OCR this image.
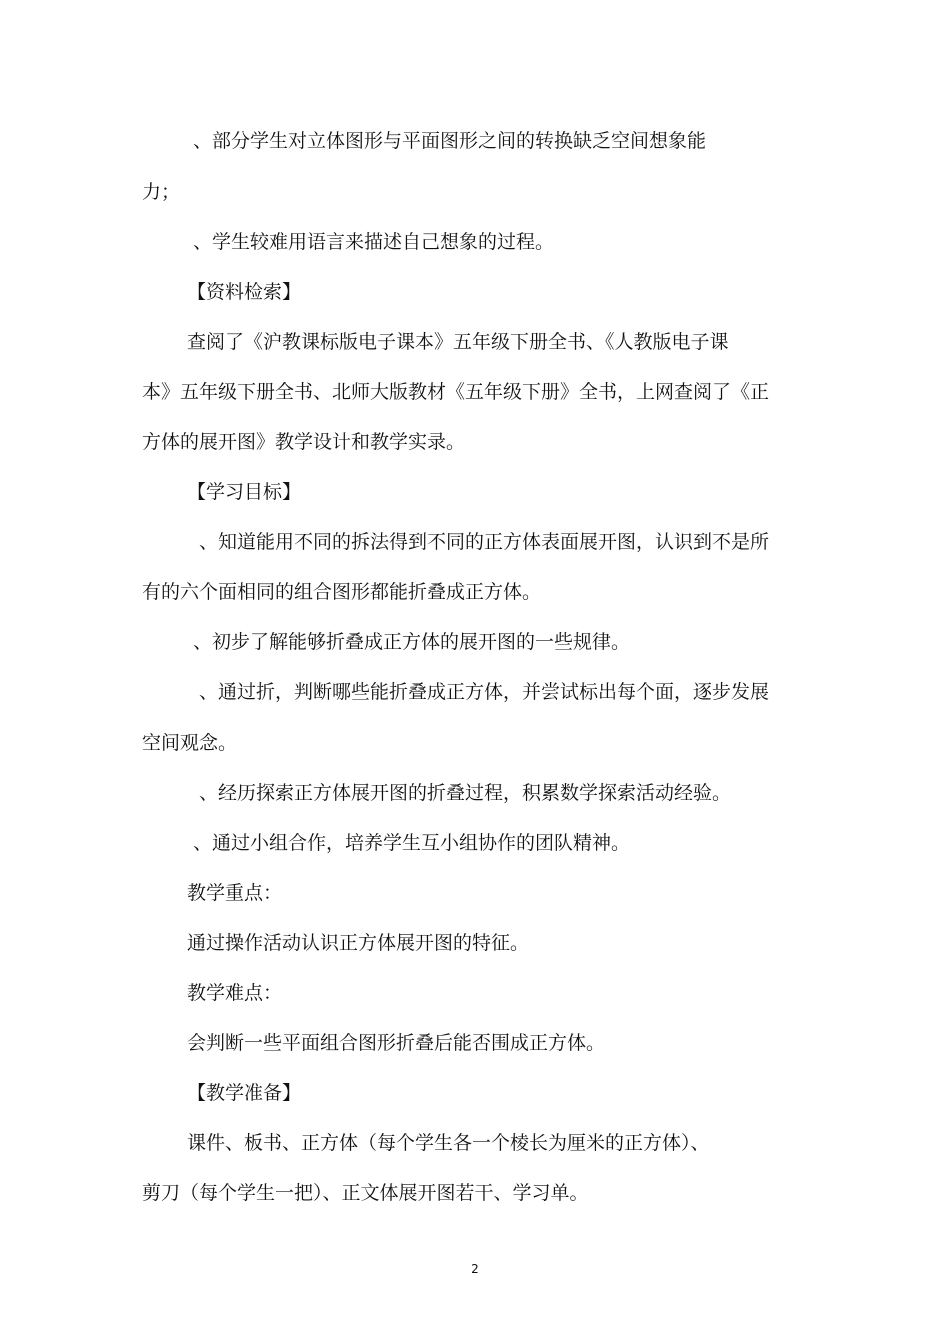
、部分学生对立体图形与平面图形之间的转换缺乏空间想象能
力；
、学生较难用语言来描述自己想象的过程。
【资料检索】
查阅了《沪教课标版电子课本》五年级下册全书、《人教版电子课
本》五年级下册全书、北师大版教材《五年级下册》全书，上网查阅了《正
方体的展开图》教学设计和教学实录。
【学习目标】
、知道能用不同的拆法得到不同的正方体表面展开图，认识到不是所
有的六个面相同的组合图形都能折叠成正方体。
、初步了解能够折叠成正方体的展开图的一些规律。
、通过折，判断哪些能折叠成正方体，并尝试标出每个面，逐步发展
空间观念。
、经历探索正方体展开图的折叠过程，积累数学探索活动经验。
、通过小组合作，培养学生互小组协作的团队精神。
教学重点：
通过操作活动认识正方体展开图的特征。
教学难点：
会判断一些平面组合图形折叠后能否围成正方体。
【教学准备】
课件、板书、正方体（每个学生各一个棱长为厘米的正方体）、
剪刀（每个学生一把）、正文体展开图若干、学习单。
2
